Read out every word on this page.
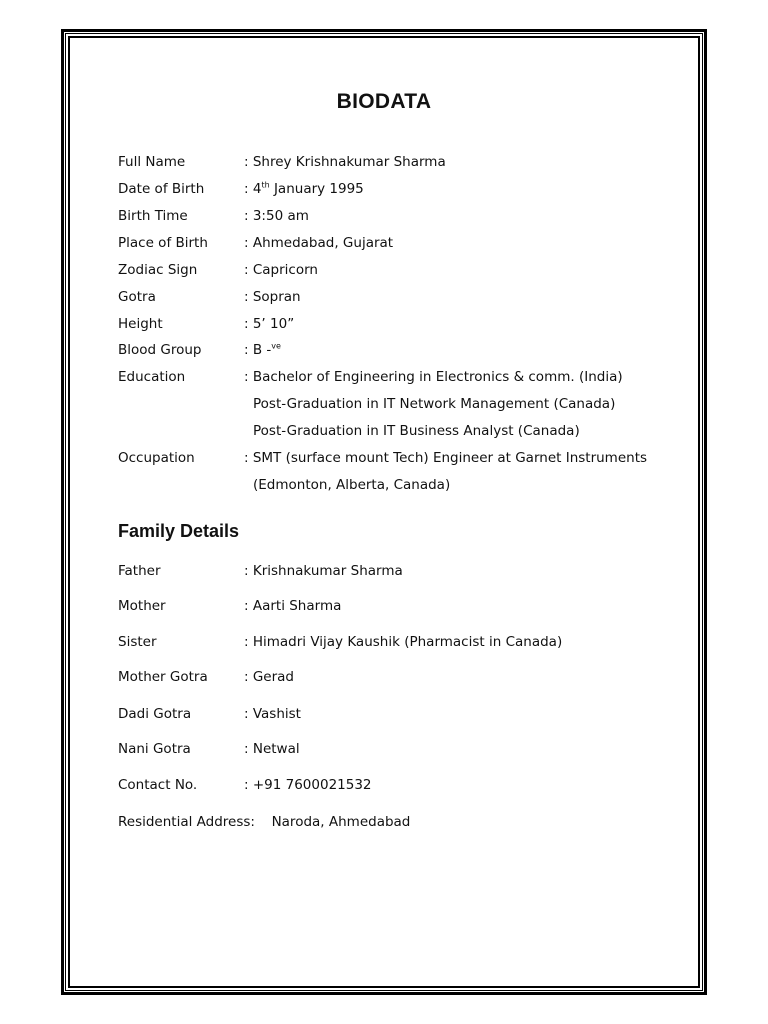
BIODATA
Full Name	: Shrey Krishnakumar Sharma
Date of Birth	: 4th January 1995
Birth Time	: 3:50 am
Place of Birth	: Ahmedabad, Gujarat
Zodiac Sign	: Capricorn
Gotra	: Sopran
Height	: 5’ 10”
Blood Group	: B -$^{ve}$
Education	: Bachelor of Engineering in Electronics & comm. (India)
Post-Graduation in IT Network Management (Canada)
Post-Graduation in IT Business Analyst (Canada)
Occupation	: SMT (surface mount Tech) Engineer at Garnet Instruments
(Edmonton, Alberta, Canada)
Family Details
Father	: Krishnakumar Sharma
Mother	: Aarti Sharma
Sister	: Himadri Vijay Kaushik (Pharmacist in Canada)
Mother Gotra	: Gerad
Dadi Gotra	: Vashist
Nani Gotra	: Netwal
Contact No.	: +91 7600021532
Residential Address: Naroda, Ahmedabad
